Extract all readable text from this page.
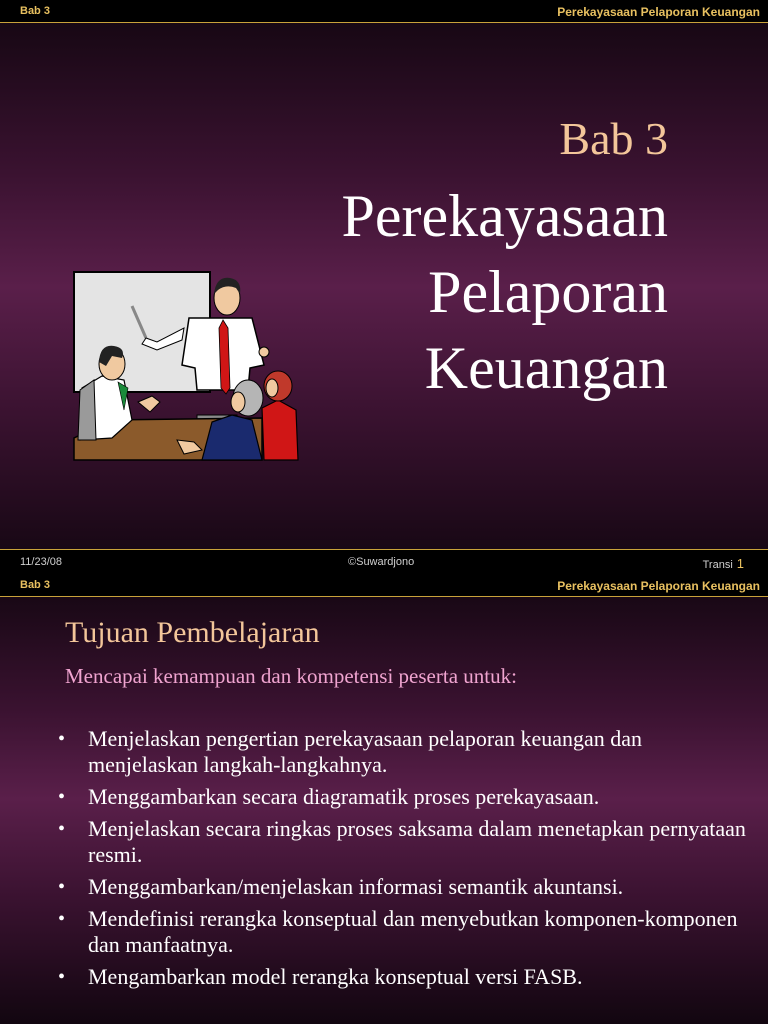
Bab 3	Perekayasaan Pelaporan Keuangan
Bab 3
Perekayasaan
Pelaporan
Keuangan
11/23/08	©Suwardjono	Transi 1
Bab 3	Perekayasaan Pelaporan Keuangan
Tujuan Pembelajaran
Mencapai kemampuan dan kompetensi peserta untuk:
• Menjelaskan pengertian perekayasaan pelaporan keuangan dan menjelaskan langkah-langkahnya.
• Menggambarkan secara diagramatik proses perekayasaan.
• Menjelaskan secara ringkas proses saksama dalam menetapkan pernyataan resmi.
• Menggambarkan/menjelaskan informasi semantik akuntansi.
• Mendefinisi rerangka konseptual dan menyebutkan komponen-komponen dan manfaatnya.
• Mengambarkan model rerangka konseptual versi FASB.
